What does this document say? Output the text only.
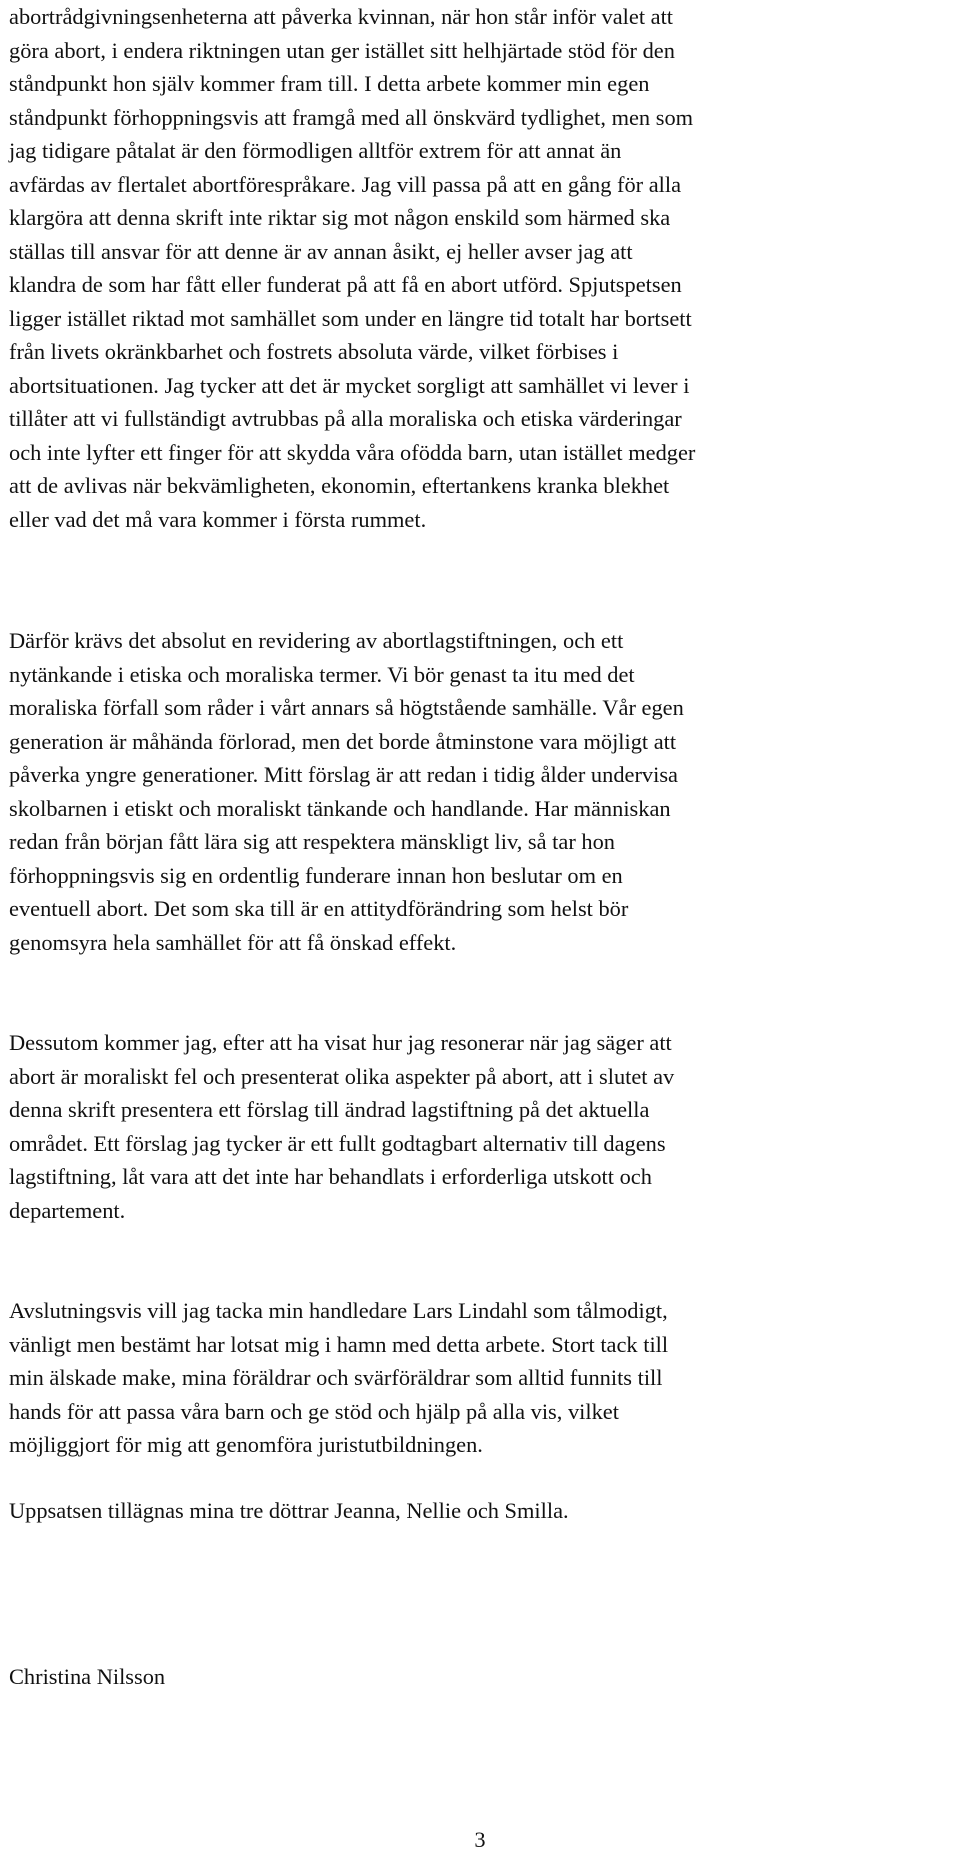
abortrådgivningsenheterna att påverka kvinnan, när hon står inför valet att
göra abort, i endera riktningen utan ger istället sitt helhjärtade stöd för den
ståndpunkt hon själv kommer fram till. I detta arbete kommer min egen
ståndpunkt förhoppningsvis att framgå med all önskvärd tydlighet, men som
jag tidigare påtalat är den förmodligen alltför extrem för att annat än
avfärdas av flertalet abortförespråkare. Jag vill passa på att en gång för alla
klargöra att denna skrift inte riktar sig mot någon enskild som härmed ska
ställas till ansvar för att denne är av annan åsikt, ej heller avser jag att
klandra de som har fått eller funderat på att få en abort utförd. Spjutspetsen
ligger istället riktad mot samhället som under en längre tid totalt har bortsett
från livets okränkbarhet och fostrets absoluta värde, vilket förbises i
abortsituationen. Jag tycker att det är mycket sorgligt att samhället vi lever i
tillåter att vi fullständigt avtrubbas på alla moraliska och etiska värderingar
och inte lyfter ett finger för att skydda våra ofödda barn, utan istället medger
att de avlivas när bekvämligheten, ekonomin, eftertankens kranka blekhet
eller vad det må vara kommer i första rummet.

Därför krävs det absolut en revidering av abortlagstiftningen, och ett
nytänkande i etiska och moraliska termer. Vi bör genast ta itu med det
moraliska förfall som råder i vårt annars så högtstående samhälle. Vår egen
generation är måhända förlorad, men det borde åtminstone vara möjligt att
påverka yngre generationer. Mitt förslag är att redan i tidig ålder undervisa
skolbarnen i etiskt och moraliskt tänkande och handlande. Har människan
redan från början fått lära sig att respektera mänskligt liv, så tar hon
förhoppningsvis sig en ordentlig funderare innan hon beslutar om en
eventuell abort. Det som ska till är en attitydförändring som helst bör
genomsyra hela samhället för att få önskad effekt.

Dessutom kommer jag, efter att ha visat hur jag resonerar när jag säger att
abort är moraliskt fel och presenterat olika aspekter på abort, att i slutet av
denna skrift presentera ett förslag till ändrad lagstiftning på det aktuella
området. Ett förslag jag tycker är ett fullt godtagbart alternativ till dagens
lagstiftning, låt vara att det inte har behandlats i erforderliga utskott och
departement.

Avslutningsvis vill jag tacka min handledare Lars Lindahl som tålmodigt,
vänligt men bestämt har lotsat mig i hamn med detta arbete. Stort tack till
min älskade make, mina föräldrar och svärföräldrar som alltid funnits till
hands för att passa våra barn och ge stöd och hjälp på alla vis, vilket
möjliggjort för mig att genomföra juristutbildningen.

Uppsatsen tillägnas mina tre döttrar Jeanna, Nellie och Smilla.

Christina Nilsson

3
